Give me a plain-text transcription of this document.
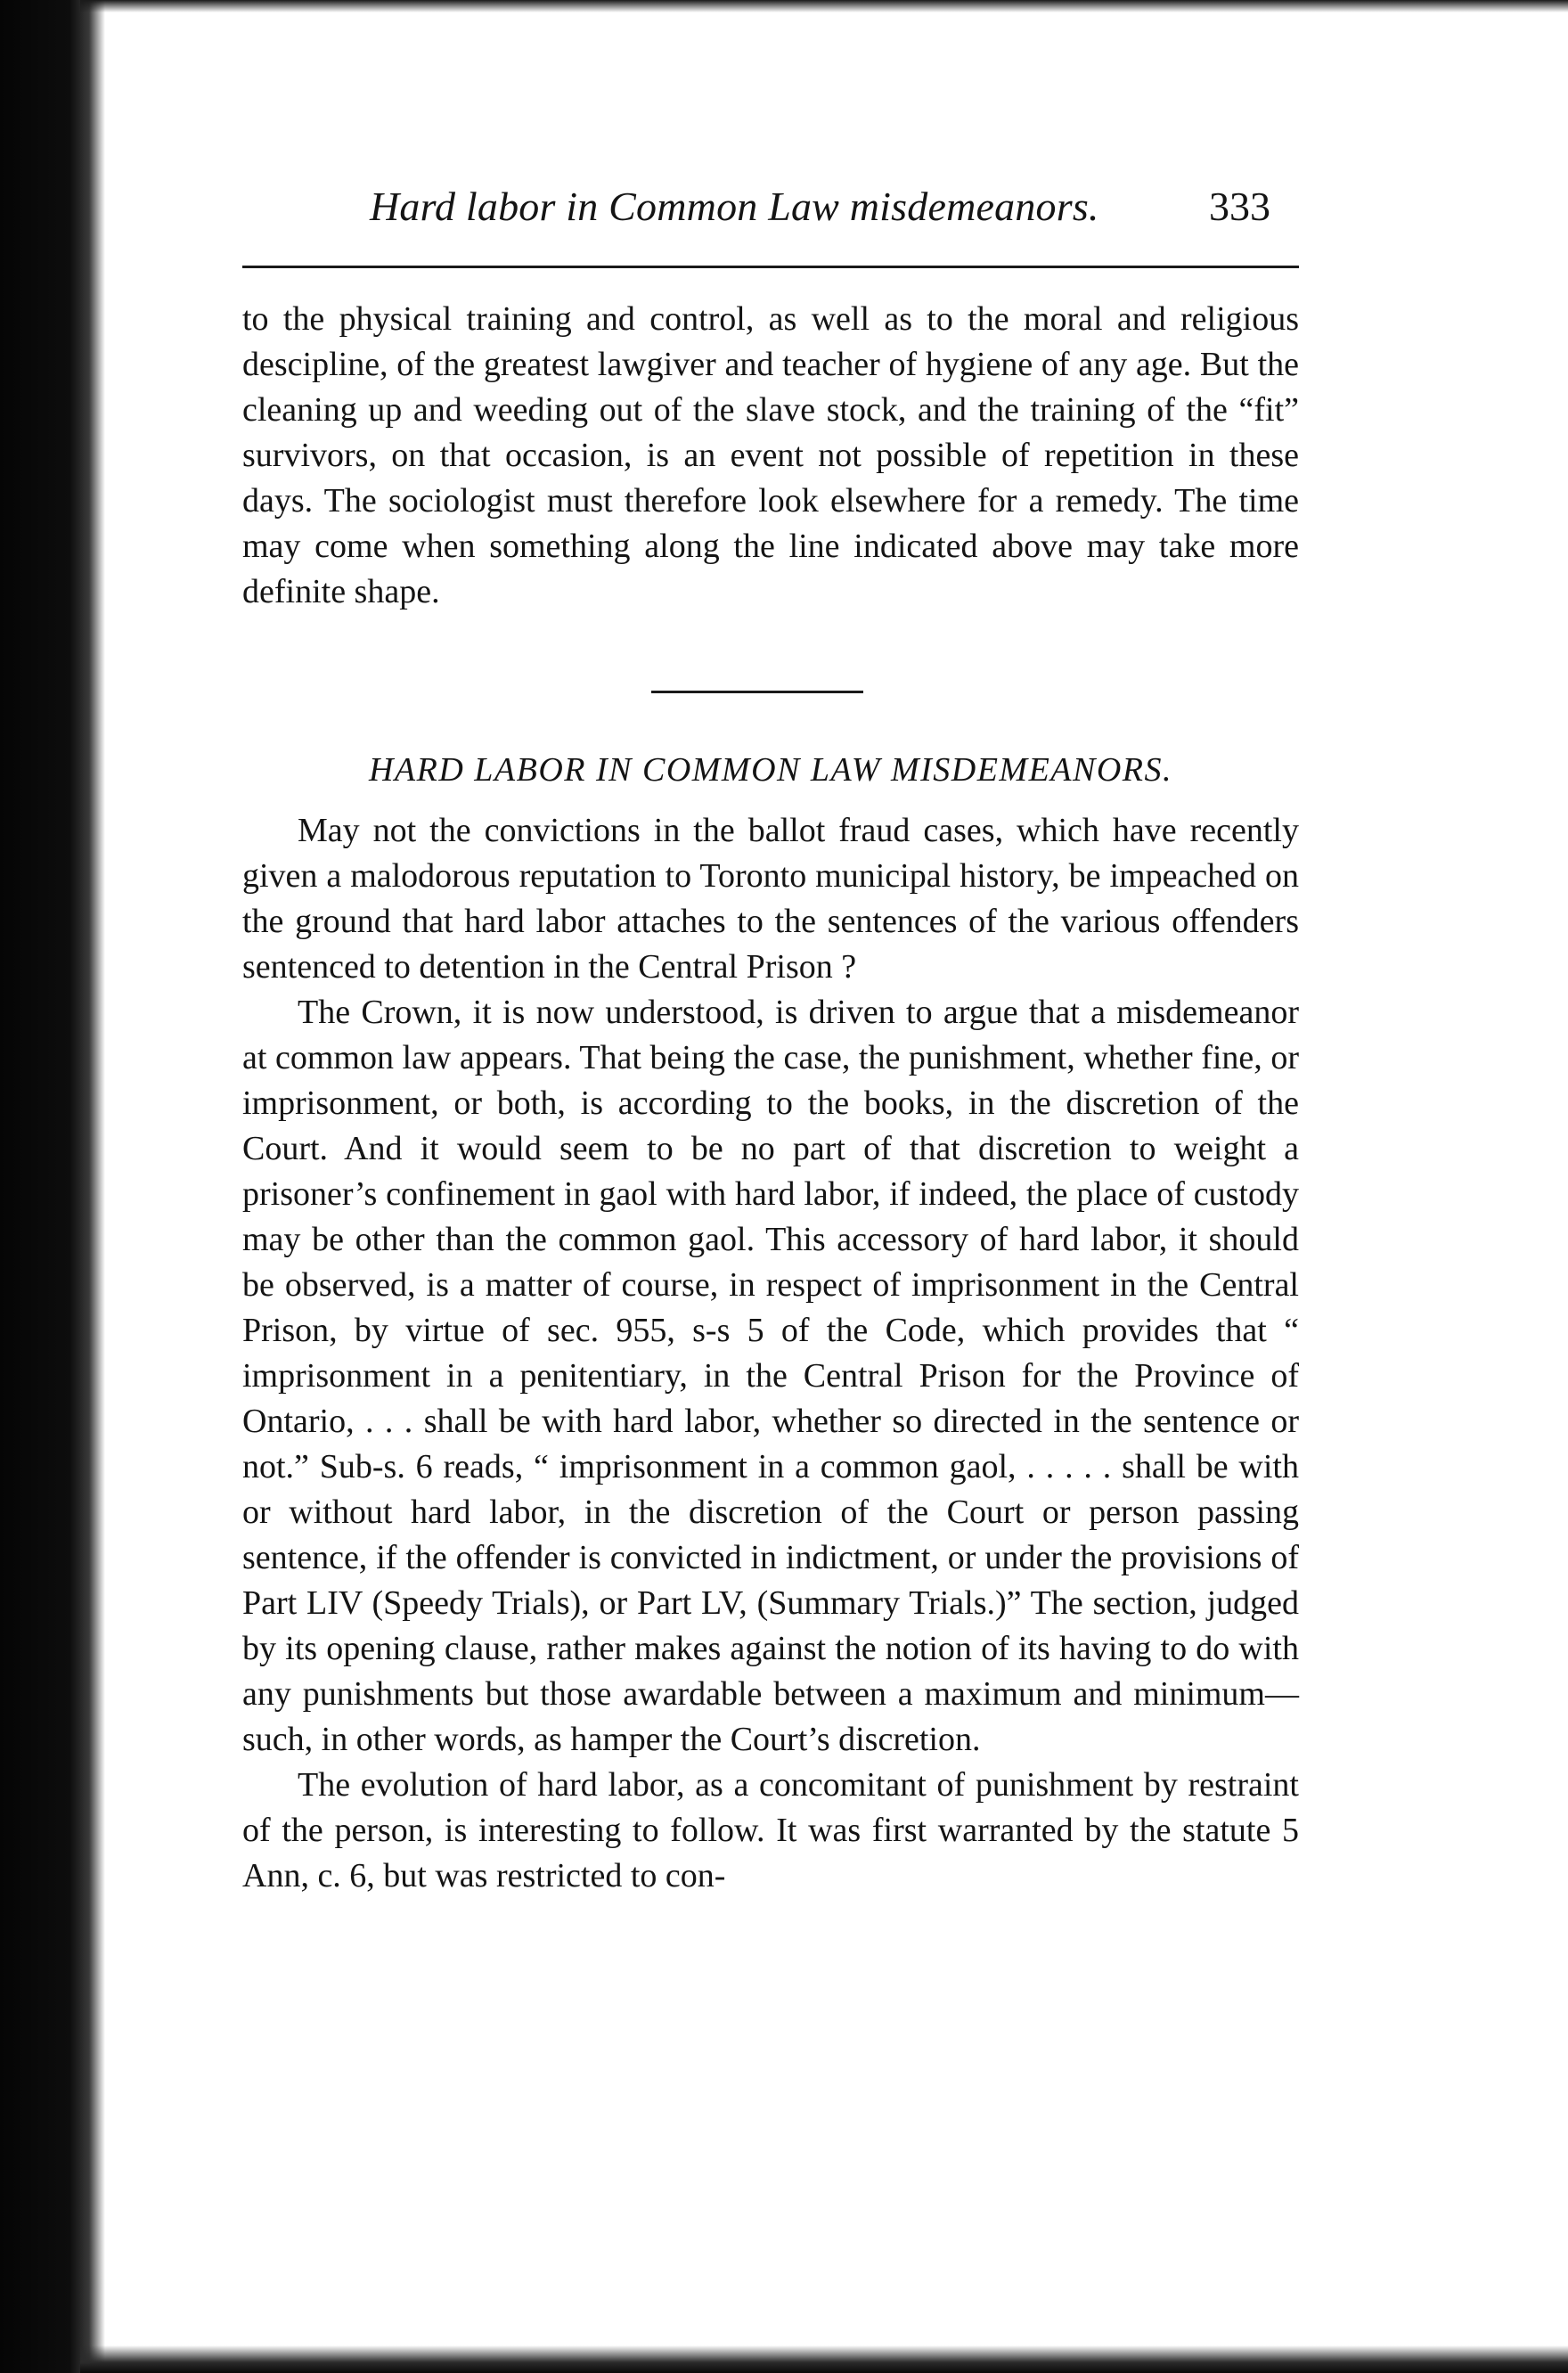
Hard labor in Common Law misdemeanors.	333

to the physical training and control, as well as to the moral and religious descipline, of the greatest lawgiver and teacher of hygiene of any age. But the cleaning up and weeding out of the slave stock, and the training of the “fit” survivors, on that occasion, is an event not possible of repetition in these days. The sociologist must therefore look elsewhere for a remedy. The time may come when something along the line indicated above may take more definite shape.

HARD LABOR IN COMMON LAW MISDEMEANORS.

May not the convictions in the ballot fraud cases, which have recently given a malodorous reputation to Toronto municipal history, be impeached on the ground that hard labor attaches to the sentences of the various offenders sentenced to detention in the Central Prison ?

The Crown, it is now understood, is driven to argue that a misdemeanor at common law appears. That being the case, the punishment, whether fine, or imprisonment, or both, is according to the books, in the discretion of the Court. And it would seem to be no part of that discretion to weight a prisoner’s confinement in gaol with hard labor, if indeed, the place of custody may be other than the common gaol. This accessory of hard labor, it should be observed, is a matter of course, in respect of imprisonment in the Central Prison, by virtue of sec. 955, s-s 5 of the Code, which provides that “ imprisonment in a penitentiary, in the Central Prison for the Province of Ontario, . . . shall be with hard labor, whether so directed in the sentence or not.” Sub-s. 6 reads, “ imprisonment in a common gaol, . . . . . shall be with or without hard labor, in the discretion of the Court or person passing sentence, if the offender is convicted in indictment, or under the provisions of Part LIV (Speedy Trials), or Part LV, (Summary Trials.)” The section, judged by its opening clause, rather makes against the notion of its having to do with any punishments but those awardable between a maximum and minimum—such, in other words, as hamper the Court’s discretion.

The evolution of hard labor, as a concomitant of punishment by restraint of the person, is interesting to follow. It was first warranted by the statute 5 Ann, c. 6, but was restricted to con-
